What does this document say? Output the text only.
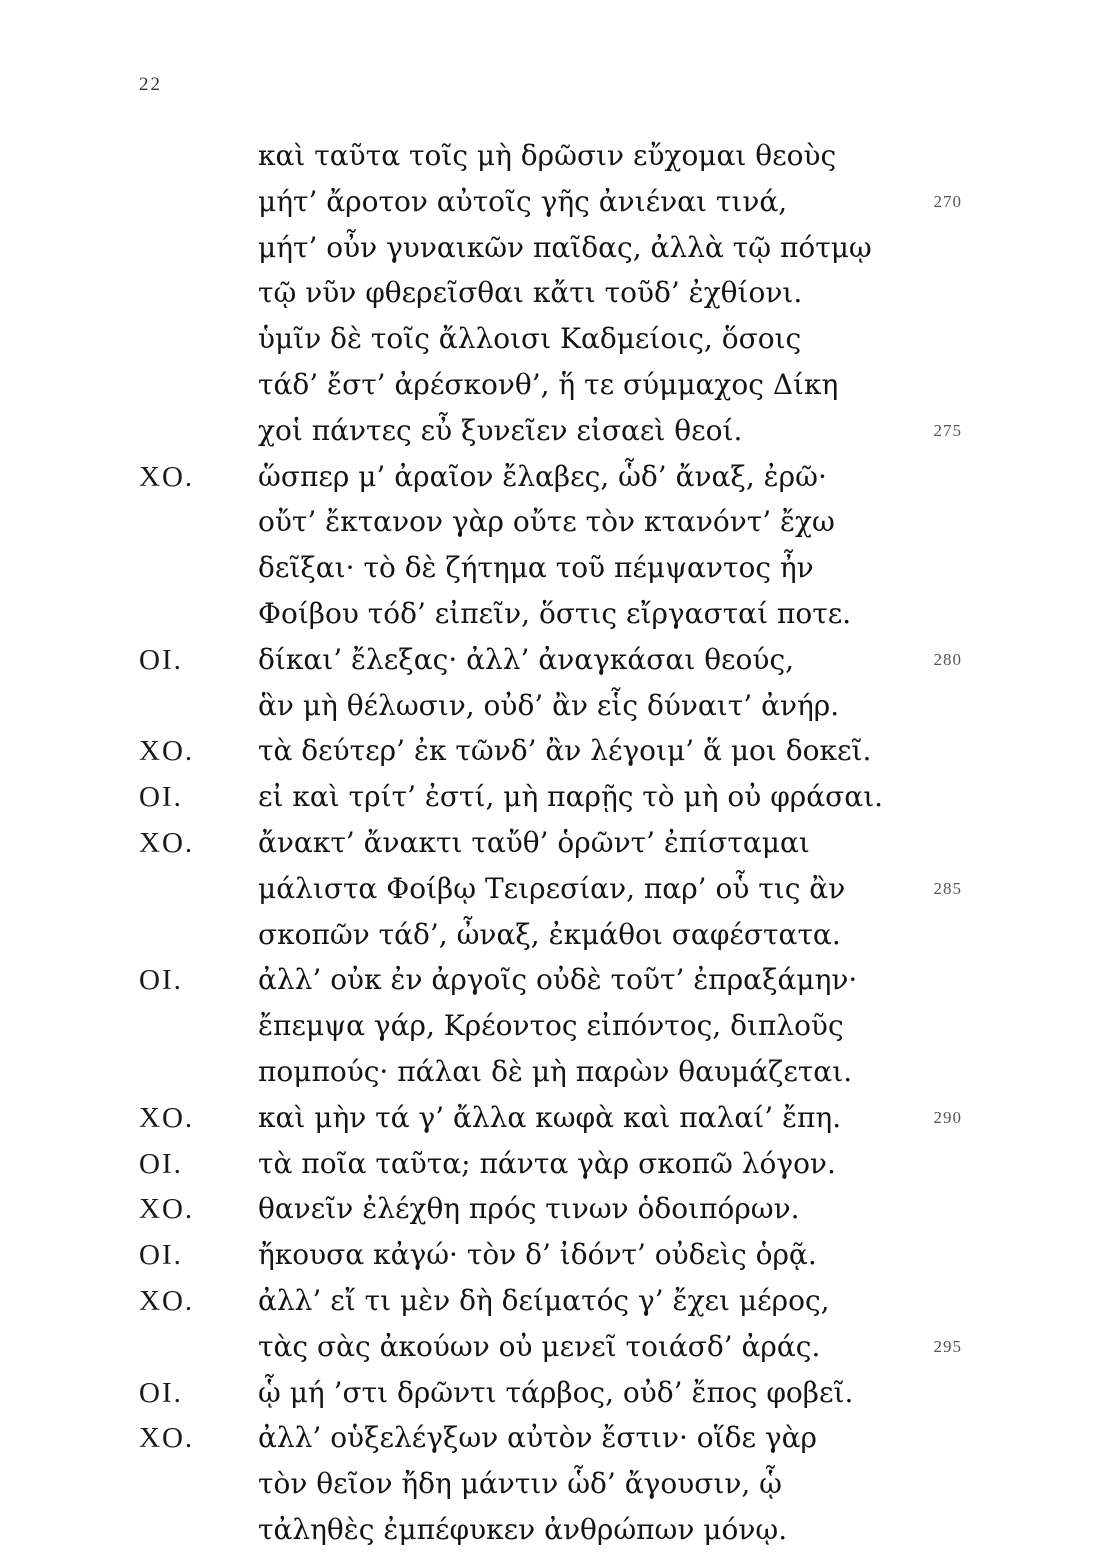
22
καὶ ταῦτα τοῖς μὴ δρῶσιν εὔχομαι θεοὺς
μήτ’ ἄροτον αὐτοῖς γῆς ἀνιέναι τινά,	270
μήτ’ οὖν γυναικῶν παῖδας, ἀλλὰ τῷ πότμῳ
τῷ νῦν φθερεῖσθαι κἄτι τοῦδ’ ἐχθίονι.
ὑμῖν δὲ τοῖς ἄλλοισι Καδμείοις, ὅσοις
τάδ’ ἔστ’ ἀρέσκονθ’, ἥ τε σύμμαχος Δίκη
χοἱ πάντες εὖ ξυνεῖεν εἰσαεὶ θεοί.	275
ΧΟ. ὥσπερ μ’ ἀραῖον ἔλαβες, ὧδ’ ἄναξ, ἐρῶ·
οὔτ’ ἔκτανον γὰρ οὔτε τὸν κτανόντ’ ἔχω
δεῖξαι· τὸ δὲ ζήτημα τοῦ πέμψαντος ἦν
Φοίβου τόδ’ εἰπεῖν, ὅστις εἴργασταί ποτε.
ΟΙ.	δίκαι’ ἔλεξας· ἀλλ’ ἀναγκάσαι θεούς,	280
ἃν μὴ θέλωσιν, οὐδ’ ἂν εἷς δύναιτ’ ἀνήρ.
ΧΟ. τὰ δεύτερ’ ἐκ τῶνδ’ ἂν λέγοιμ’ ἅ μοι δοκεῖ.
ΟΙ.	εἰ καὶ τρίτ’ ἐστί, μὴ παρῇς τὸ μὴ οὐ φράσαι.
ΧΟ. ἄνακτ’ ἄνακτι ταὔθ’ ὁρῶντ’ ἐπίσταμαι
μάλιστα Φοίβῳ Τειρεσίαν, παρ’ οὗ τις ἂν	285
σκοπῶν τάδ’, ὦναξ, ἐκμάθοι σαφέστατα.
ΟΙ.	ἀλλ’ οὐκ ἐν ἀργοῖς οὐδὲ τοῦτ’ ἐπραξάμην·
ἔπεμψα γάρ, Κρέοντος εἰπόντος, διπλοῦς
πομπούς· πάλαι δὲ μὴ παρὼν θαυμάζεται.
ΧΟ. καὶ μὴν τά γ’ ἄλλα κωφὰ καὶ παλαί’ ἔπη.	290
ΟΙ.	τὰ ποῖα ταῦτα; πάντα γὰρ σκοπῶ λόγον.
ΧΟ. θανεῖν ἐλέχθη πρός τινων ὁδοιπόρων.
ΟΙ.	ἤκουσα κἀγώ· τὸν δ’ ἰδόντ’ οὐδεὶς ὁρᾷ.
ΧΟ. ἀλλ’ εἴ τι μὲν δὴ δείματός γ’ ἔχει μέρος,
τὰς σὰς ἀκούων οὐ μενεῖ τοιάσδ’ ἀράς.	295
ΟΙ.	ᾧ μή ’στι δρῶντι τάρβος, οὐδ’ ἔπος φοβεῖ.
ΧΟ. ἀλλ’ οὑξελέγξων αὐτὸν ἔστιν· οἵδε γὰρ
τὸν θεῖον ἤδη μάντιν ὧδ’ ἄγουσιν, ᾧ
τἀληθὲς ἐμπέφυκεν ἀνθρώπων μόνῳ.
